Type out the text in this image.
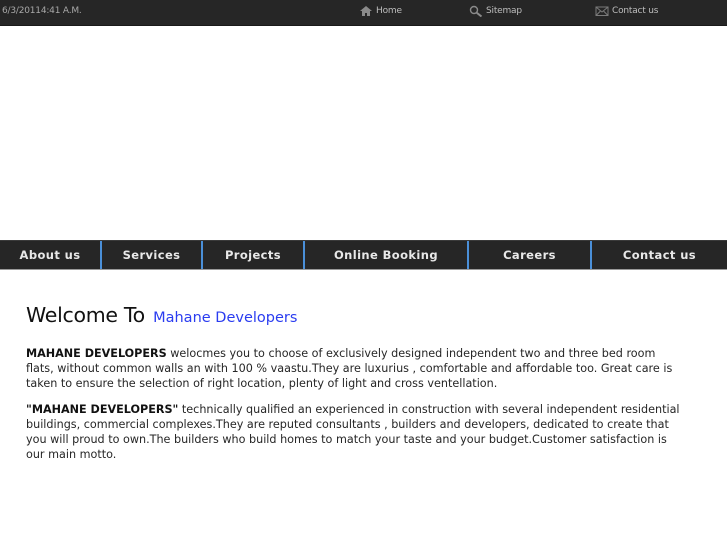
6/3/20114:41 A.M.	Home	Sitemap	Contact us
About us	Services	Projects	Online Booking	Careers	Contact us
Welcome To Mahane Developers

MAHANE DEVELOPERS welocmes you to choose of exclusively designed independent two and three bed room flats, without common walls an with 100 % vaastu.They are luxurius , comfortable and affordable too. Great care is taken to ensure the selection of right location, plenty of light and cross ventellation.

"MAHANE DEVELOPERS" technically qualified an experienced in construction with several independent residential buildings, commercial complexes.They are reputed consultants , builders and developers, dedicated to create that you will proud to own.The builders who build homes to match your taste and your budget.Customer satisfaction is our main motto.
